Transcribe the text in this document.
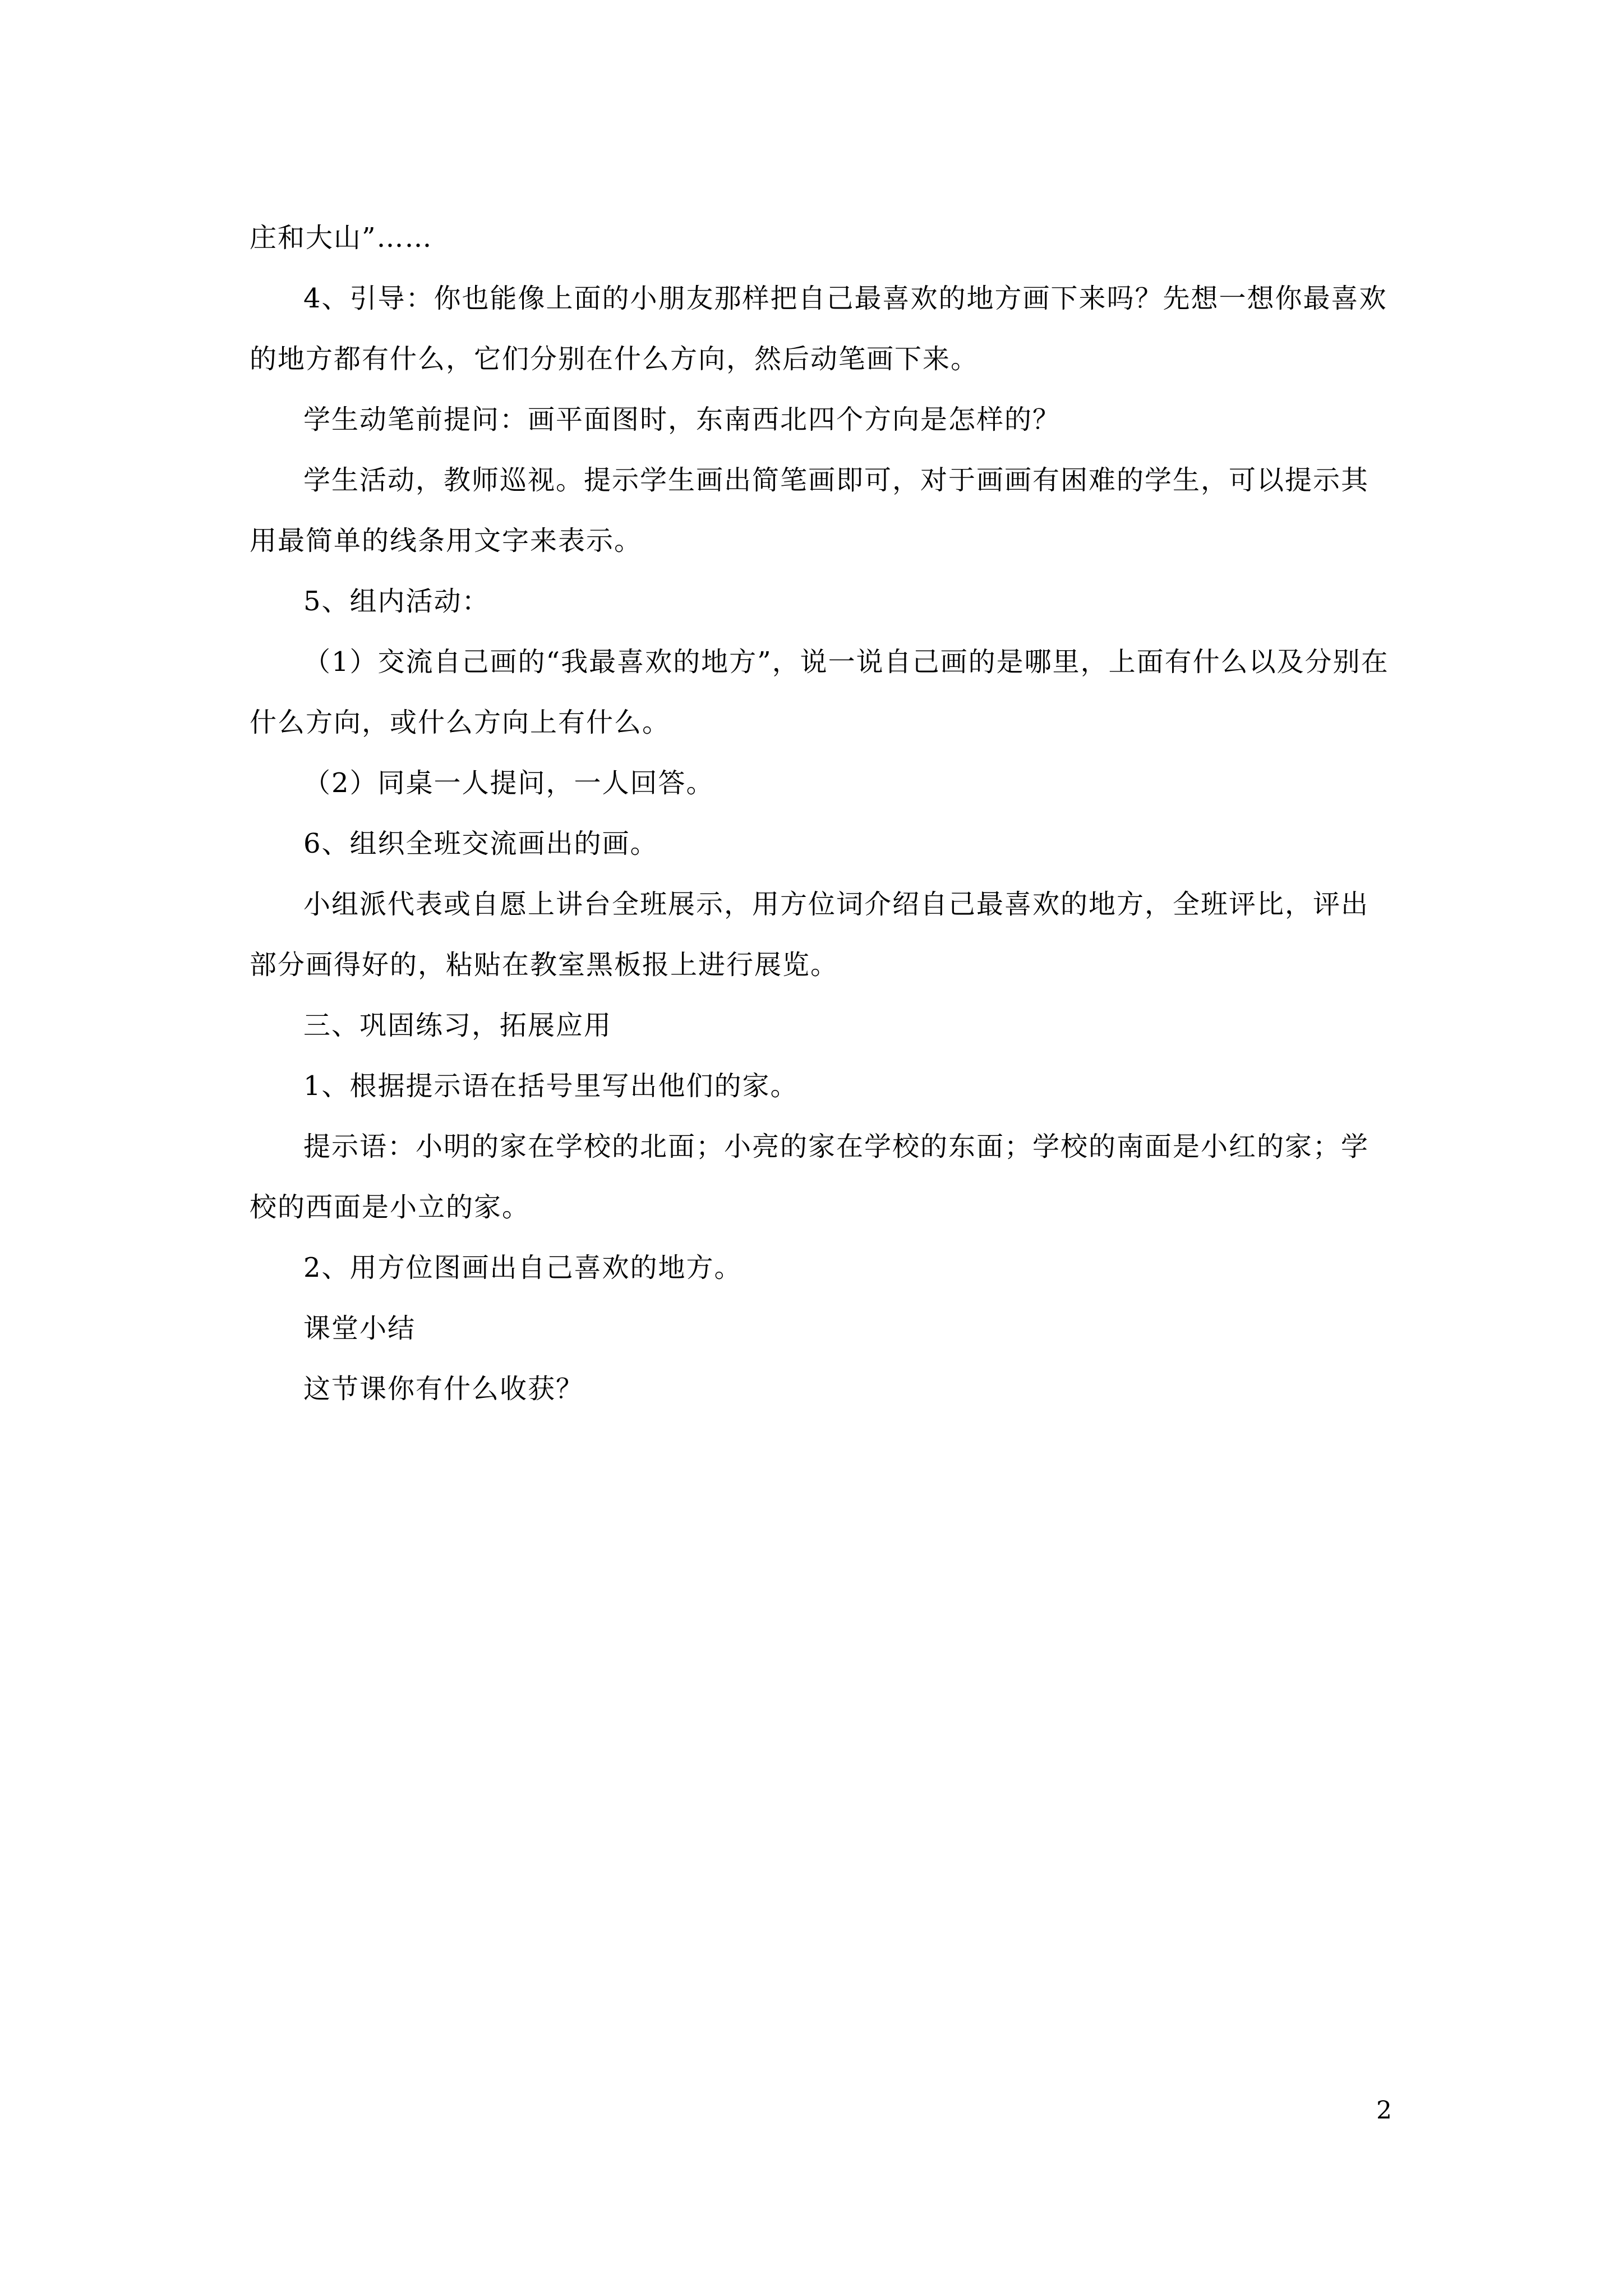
庄和大山”……

4、引导：你也能像上面的小朋友那样把自己最喜欢的地方画下来吗？先想一想你最喜欢的地方都有什么，它们分别在什么方向，然后动笔画下来。

学生动笔前提问：画平面图时，东南西北四个方向是怎样的？

学生活动，教师巡视。提示学生画出简笔画即可，对于画画有困难的学生，可以提示其用最简单的线条用文字来表示。

5、组内活动：

（1）交流自己画的“我最喜欢的地方”，说一说自己画的是哪里，上面有什么以及分别在什么方向，或什么方向上有什么。

（2）同桌一人提问，一人回答。

6、组织全班交流画出的画。

小组派代表或自愿上讲台全班展示，用方位词介绍自己最喜欢的地方，全班评比，评出部分画得好的，粘贴在教室黑板报上进行展览。

三、巩固练习，拓展应用

1、根据提示语在括号里写出他们的家。

提示语：小明的家在学校的北面；小亮的家在学校的东面；学校的南面是小红的家；学校的西面是小立的家。

2、用方位图画出自己喜欢的地方。

课堂小结

这节课你有什么收获？

2
